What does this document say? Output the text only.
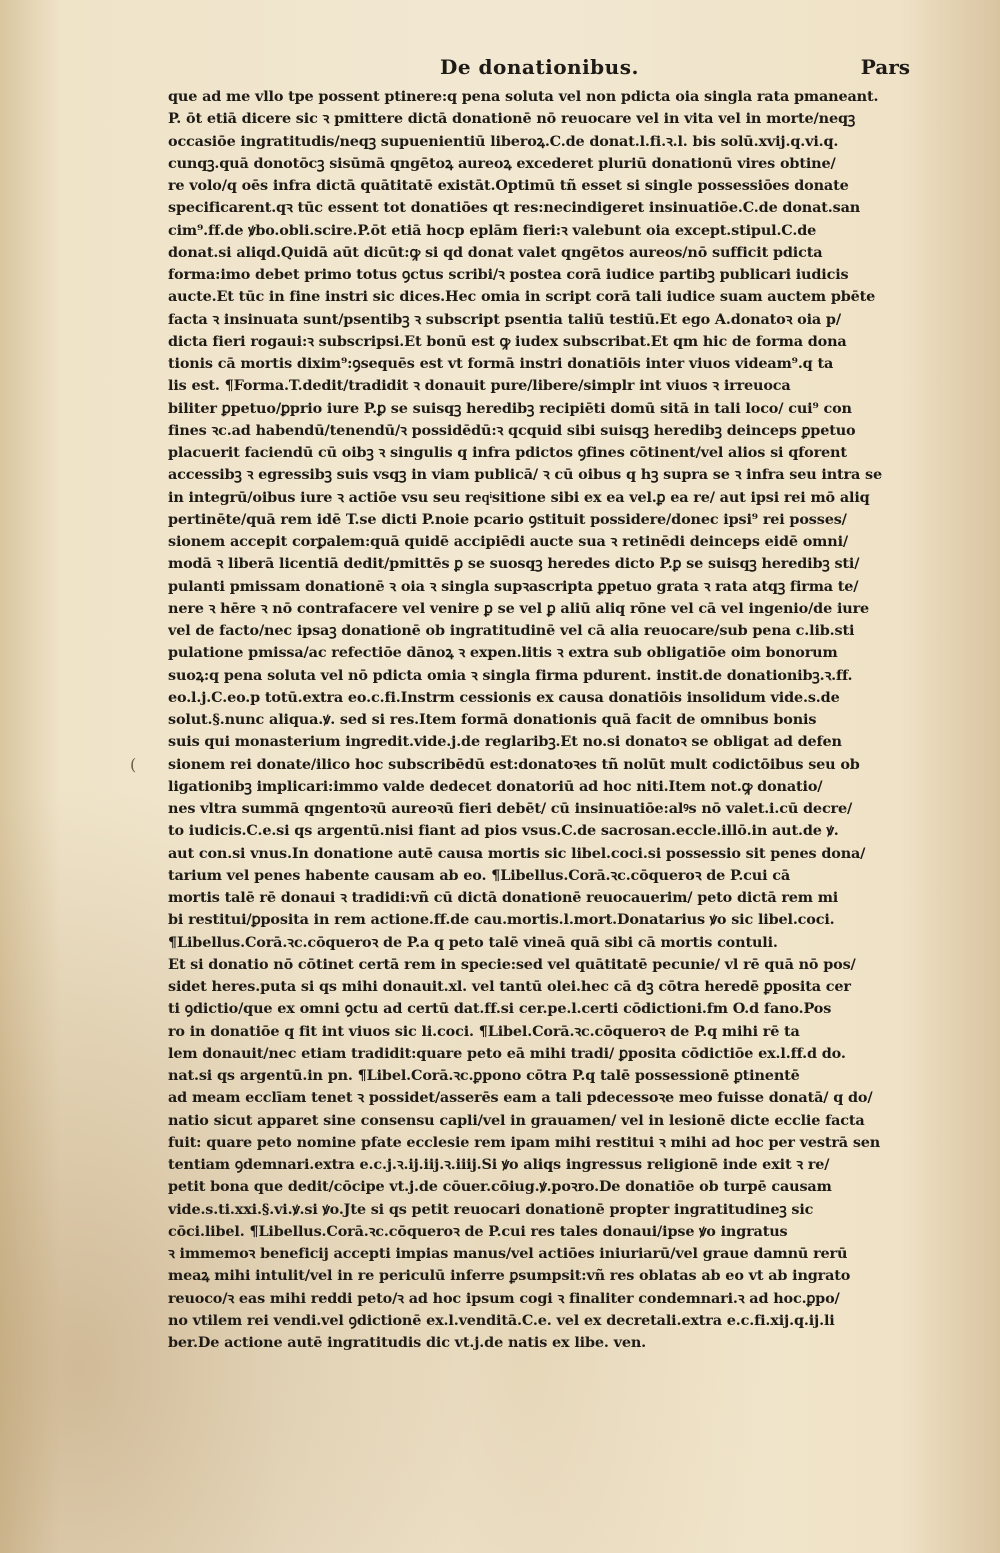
De donationibus.	Pars
(
que ad me vllo tpe possent ptinere:q pena soluta vel non pdicta oia singla rata pmaneant.
P. ōt etiā dicere sic ꝛ pmittere dictā donationē nō reuocare vel in vita vel in morte/neqꝫ
occasiōe ingratitudis/neqꝫ supuenientiū liberoꝝ.C.de donat.l.fi.ꝛ.l. bis solū.xvij.q.vi.q.
cunqꝫ.quā donotōcꝫ sisūmā qngētoꝝ aureoꝝ excederet pluriū donationū vires obtine/
re volo/q oēs infra dictā quātitatē existāt.Optimū tñ esset si single possessiōes donate
specificarent.qꝛ tūc essent tot donatiōes qt res:necindigeret insinuatiōe.C.de donat.san
cim⁹.ff.de ꝟbo.obli.scire.P.ōt etiā hocp eplām fieri:ꝛ valebunt oia except.stipul.C.de
donat.si aliqd.Quidā aūt dicūt:ꝙ si qd donat valet qngētos aureos/nō sufficit pdicta
forma:imo debet primo totus ꝯctus scribi/ꝛ postea corā iudice partibꝫ publicari iudicis
aucte.Et tūc in fine instri sic dices.Hec omia in script corā tali iudice suam auctem pbēte
facta ꝛ insinuata sunt/psentibꝫ ꝛ subscript psentia taliū testiū.Et ego A.donatoꝛ oia p/
dicta fieri rogaui:ꝛ subscripsi.Et bonū est ꝙ iudex subscribat.Et qm hic de forma dona
tionis cā mortis dixim⁹:ꝯsequēs est vt formā instri donatiōis inter viuos videam⁹.q ta
lis est. ¶Forma.T.dedit/tradidit ꝛ donauit pure/libere/simplr int viuos ꝛ irreuoca
biliter ꝑpetuo/ꝑprio iure P.ꝑ se suisqꝫ heredibꝫ recipiēti domū sitā in tali loco/ cui⁹ con
fines ꝛc.ad habendū/tenendū/ꝛ possidēdū:ꝛ qcquid sibi suisqꝫ heredibꝫ deinceps ꝑpetuo
placuerit faciendū cū oibꝫ ꝛ singulis q infra pdictos ꝯfines cōtinent/vel alios si qforent
accessibꝫ ꝛ egressibꝫ suis vsqꝫ in viam publicā/ ꝛ cū oibus q hꝫ supra se ꝛ infra seu intra se
in integrū/oibus iure ꝛ actiōe vsu seu reqͥsitione sibi ex ea vel.ꝑ ea re/ aut ipsi rei mō aliq
pertinēte/quā rem idē T.se dicti P.noie pcario ꝯstituit possidere/donec ipsi⁹ rei posses/
sionem accepit corꝑalem:quā quidē accipiēdi aucte sua ꝛ retinēdi deinceps eidē omni/
modā ꝛ liberā licentiā dedit/pmittēs ꝑ se suosqꝫ heredes dicto P.ꝑ se suisqꝫ heredibꝫ sti/
pulanti pmissam donationē ꝛ oia ꝛ singla supꝛascripta ꝑpetuo grata ꝛ rata atqꝫ firma te/
nere ꝛ hēre ꝛ nō contrafacere vel venire ꝑ se vel ꝑ aliū aliq rōne vel cā vel ingenio/de iure
vel de facto/nec ipsaꝫ donationē ob ingratitudinē vel cā alia reuocare/sub pena c.lib.sti
pulatione pmissa/ac refectiōe dānoꝝ ꝛ expen.litis ꝛ extra sub obligatiōe oim bonorum
suoꝝ:q pena soluta vel nō pdicta omia ꝛ singla firma pdurent. instit.de donationibꝫ.ꝛ.ff.
eo.l.j.C.eo.p totū.extra eo.c.fi.Instrm cessionis ex causa donatiōis insolidum vide.s.de
solut.§.nunc aliqua.ꝟ. sed si res.Item formā donationis quā facit de omnibus bonis
suis qui monasterium ingredit.vide.j.de reglaribꝫ.Et no.si donatoꝛ se obligat ad defen
sionem rei donate/ilico hoc subscribēdū est:donatoꝛes tñ nolūt mult codictōibus seu ob
ligationibꝫ implicari:immo valde dedecet donatoriū ad hoc niti.Item not.ꝙ donatio/
nes vltra summā qngentoꝛū aureoꝛū fieri debēt/ cū insinuatiōe:alꝰs nō valet.i.cū decre/
to iudicis.C.e.si qs argentū.nisi fiant ad pios vsus.C.de sacrosan.eccle.illō.in aut.de ꝟ.
aut con.si vnus.In donatione autē causa mortis sic libel.coci.si possessio sit penes dona/
tarium vel penes habente causam ab eo. ¶Libellus.Corā.ꝛc.cōqueroꝛ de P.cui cā
mortis talē rē donaui ꝛ tradidi:vñ cū dictā donationē reuocauerim/ peto dictā rem mi
bi restitui/ꝑposita in rem actione.ff.de cau.mortis.l.mort.Donatarius ꝟo sic libel.coci.
¶Libellus.Corā.ꝛc.cōqueroꝛ de P.a q peto talē vineā quā sibi cā mortis contuli.
Et si donatio nō cōtinet certā rem in specie:sed vel quātitatē pecunie/ vl rē quā nō pos/
sidet heres.puta si qs mihi donauit.xl. vel tantū olei.hec cā dꝫ cōtra heredē ꝑposita cer
ti ꝯdictio/que ex omni ꝯctu ad certū dat.ff.si cer.pe.l.certi cōdictioni.fm O.d fano.Pos
ro in donatiōe q fit int viuos sic li.coci. ¶Libel.Corā.ꝛc.cōqueroꝛ de P.q mihi rē ta
lem donauit/nec etiam tradidit:quare peto eā mihi tradi/ ꝑposita cōdictiōe ex.l.ff.d do.
nat.si qs argentū.in pn. ¶Libel.Corā.ꝛc.ꝑpono cōtra P.q talē possessionē ꝑtinentē
ad meam ecclīam tenet ꝛ possidet/asserēs eam a tali pdecessoꝛe meo fuisse donatā/ q do/
natio sicut apparet sine consensu capli/vel in grauamen/ vel in lesionē dicte ecclie facta
fuit: quare peto nomine pfate ecclesie rem ipam mihi restitui ꝛ mihi ad hoc per vestrā sen
tentiam ꝯdemnari.extra e.c.j.ꝛ.ij.iij.ꝛ.iiij.Si ꝟo aliqs ingressus religionē inde exit ꝛ re/
petit bona que dedit/cōcipe vt.j.de cōuer.cōiug.ꝟ.poꝛro.De donatiōe ob turpē causam
vide.s.ti.xxi.§.vi.ꝟ.si ꝟo.Jte si qs petit reuocari donationē propter ingratitudineꝫ sic
cōci.libel. ¶Libellus.Corā.ꝛc.cōqueroꝛ de P.cui res tales donaui/ipse ꝟo ingratus
ꝛ immemoꝛ beneficij accepti impias manus/vel actiōes iniuriarū/vel graue damnū rerū
meaꝝ mihi intulit/vel in re periculū inferre ꝑsumpsit:vñ res oblatas ab eo vt ab ingrato
reuoco/ꝛ eas mihi reddi peto/ꝛ ad hoc ipsum cogi ꝛ finaliter condemnari.ꝛ ad hoc.ꝑpo/
no vtilem rei vendi.vel ꝯdictionē ex.l.venditā.C.e. vel ex decretali.extra e.c.fi.xij.q.ij.li
ber.De actione autē ingratitudis dic vt.j.de natis ex libe. ven.
